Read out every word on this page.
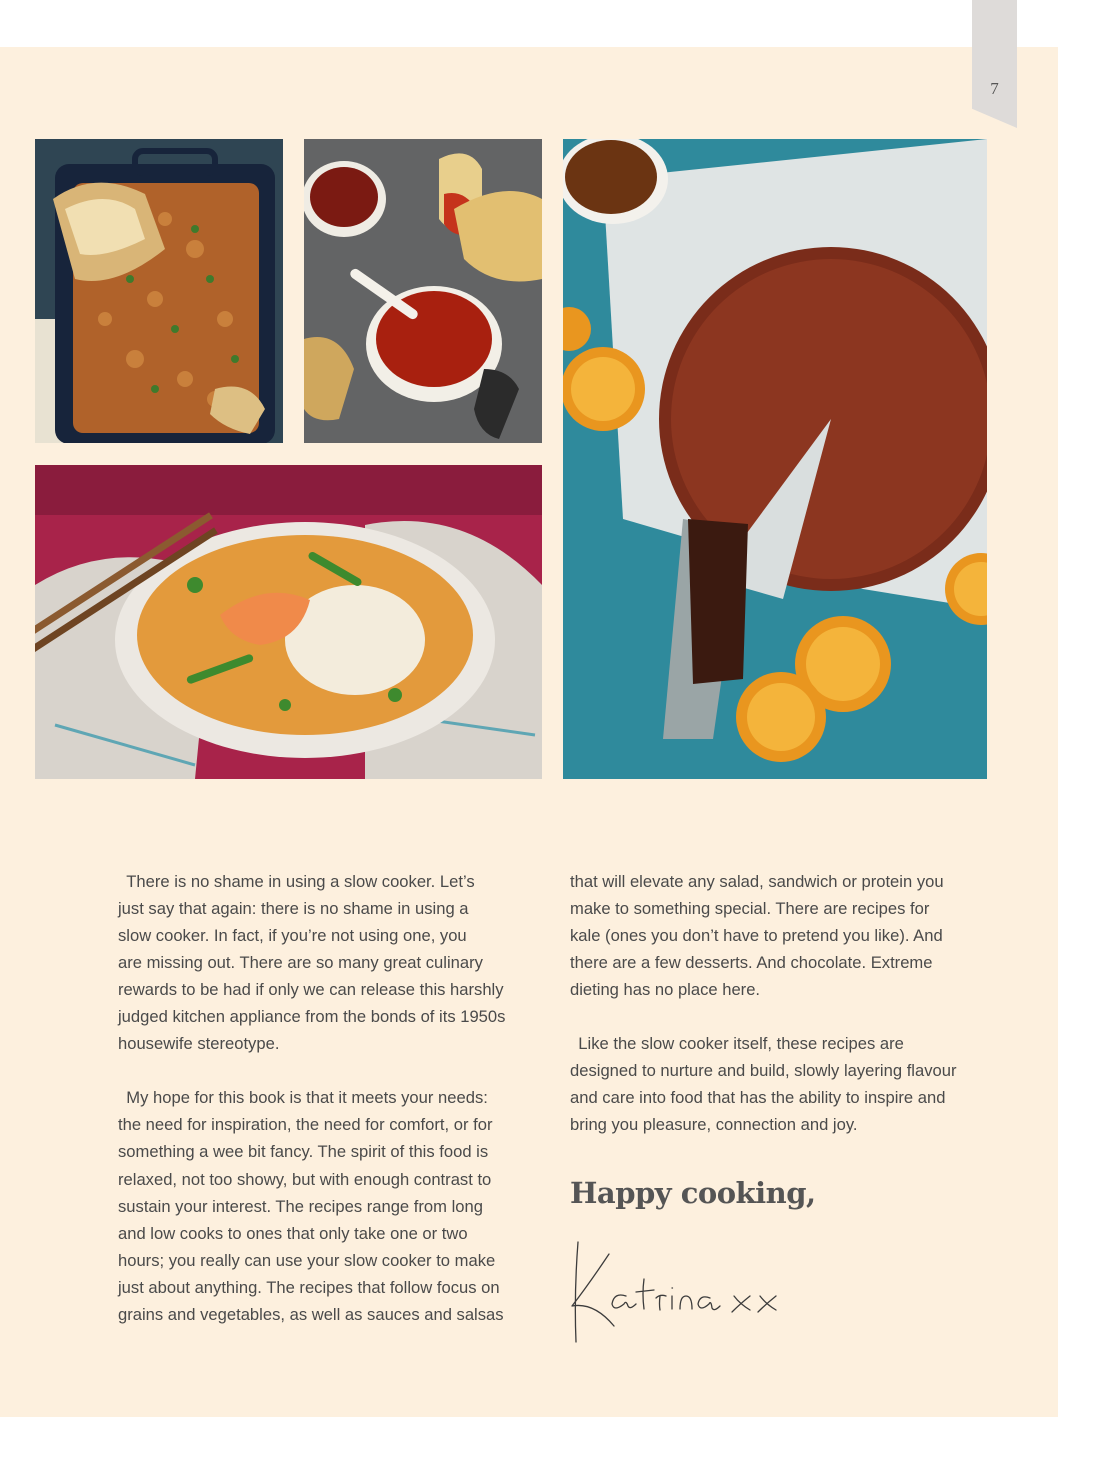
7

 There is no shame in using a slow cooker. Let’s

just say that again: there is no shame in using a

slow cooker. In fact, if you’re not using one, you

are missing out. There are so many great culinary

rewards to be had if only we can release this harshly

judged kitchen appliance from the bonds of its 1950s

housewife stereotype.

 My hope for this book is that it meets your needs:

the need for inspiration, the need for comfort, or for

something a wee bit fancy. The spirit of this food is

relaxed, not too showy, but with enough contrast to

sustain your interest. The recipes range from long

and low cooks to ones that only take one or two

hours; you really can use your slow cooker to make

just about anything. The recipes that follow focus on

grains and vegetables, as well as sauces and salsas

that will elevate any salad, sandwich or protein you

make to something special. There are recipes for

kale (ones you don’t have to pretend you like). And

there are a few desserts. And chocolate. Extreme

dieting has no place here.

 Like the slow cooker itself, these recipes are

designed to nurture and build, slowly layering flavour

and care into food that has the ability to inspire and

bring you pleasure, connection and joy.

Happy cooking,
